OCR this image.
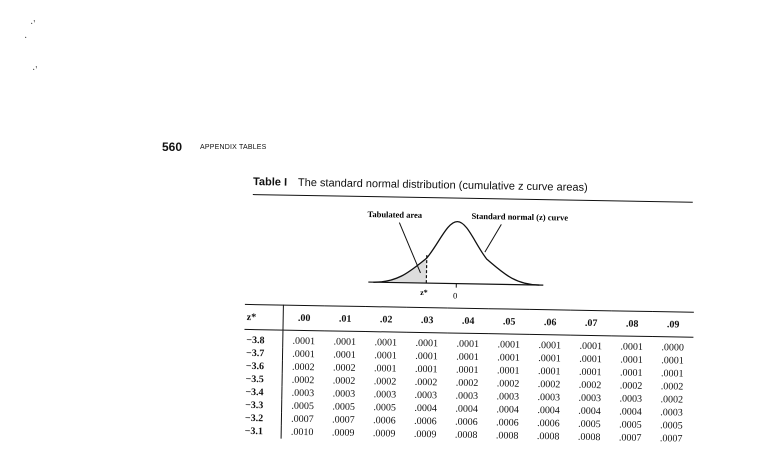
·'
·
·'
560	APPENDIX TABLES
Table I The standard normal distribution (cumulative z curve areas)
Tabulated area	Standard normal (z) curve
z*	0
z*	.00	.01	.02	.03	.04	.05	.06	.07	.08	.09
−3.8	.0001	.0001	.0001	.0001	.0001	.0001	.0001	.0001	.0001	.0000
−3.7	.0001	.0001	.0001	.0001	.0001	.0001	.0001	.0001	.0001	.0001
−3.6	.0002	.0002	.0001	.0001	.0001	.0001	.0001	.0001	.0001	.0001
−3.5	.0002	.0002	.0002	.0002	.0002	.0002	.0002	.0002	.0002	.0002
−3.4	.0003	.0003	.0003	.0003	.0003	.0003	.0003	.0003	.0003	.0002
−3.3	.0005	.0005	.0005	.0004	.0004	.0004	.0004	.0004	.0004	.0003
−3.2	.0007	.0007	.0006	.0006	.0006	.0006	.0006	.0005	.0005	.0005
−3.1	.0010	.0009	.0009	.0009	.0008	.0008	.0008	.0008	.0007	.0007
